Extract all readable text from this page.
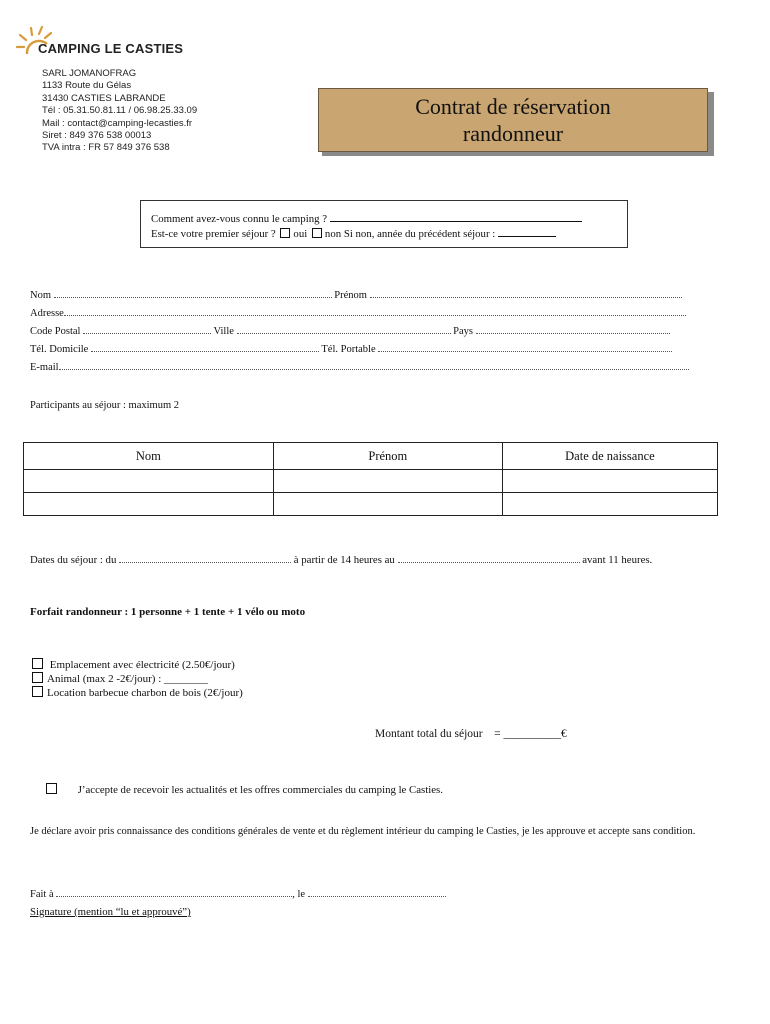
CAMPING LE CASTIES
SARL JOMANOFRAG
1133 Route du Gélas
31430 CASTIES LABRANDE
Tél : 05.31.50.81.11 / 06.98.25.33.09
Mail : contact@camping-lecasties.fr
Siret : 849 376 538 00013
TVA intra : FR 57 849 376 538
Contrat de réservation
randonneur
Comment avez-vous connu le camping ?
Est-ce votre premier séjour ? oui non Si non, année du précédent séjour :
Nom	Prénom
Adresse
Code Postal	Ville	Pays
Tél. Domicile	Tél. Portable
E-mail
Participants au séjour : maximum 2
Nom	Prénom	Date de naissance

Dates du séjour : du	à partir de 14 heures au	avant 11 heures.
Forfait randonneur : 1 personne + 1 tente + 1 vélo ou moto
Emplacement avec électricité (2.50€/jour)
Animal (max 2 -2€/jour) : ________
Location barbecue charbon de bois (2€/jour)
Montant total du séjour = __________€
J’accepte de recevoir les actualités et les offres commerciales du camping le Casties.
Je déclare avoir pris connaissance des conditions générales de vente et du règlement intérieur du camping le Casties, je les approuve et accepte sans condition.
Fait à	, le
Signature (mention “lu et approuvé”)
